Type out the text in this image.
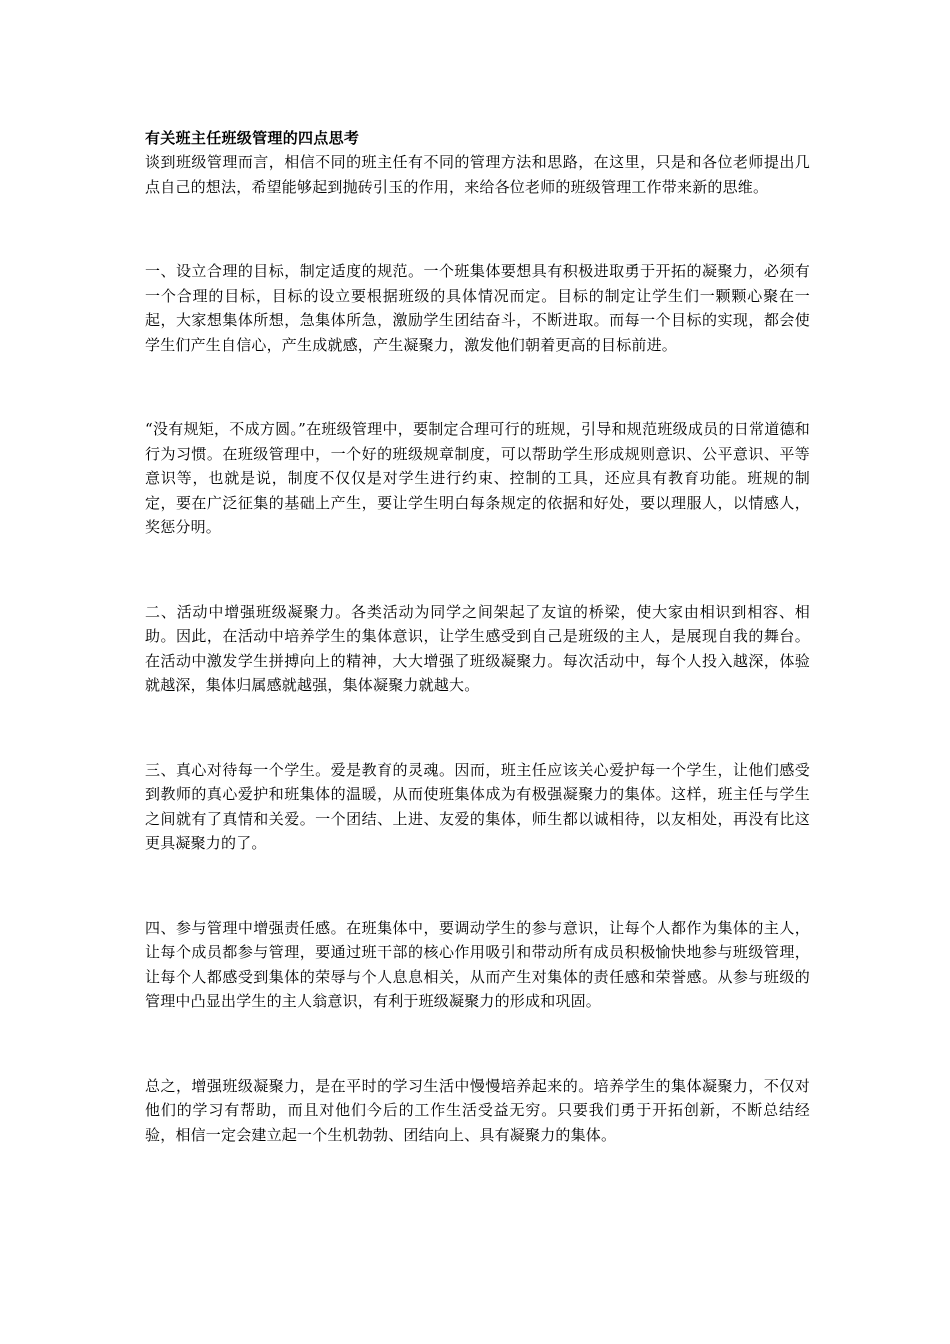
有关班主任班级管理的四点思考

谈到班级管理而言，相信不同的班主任有不同的管理方法和思路，在这里，只是和各位老师提出几点自己的想法，希望能够起到抛砖引玉的作用，来给各位老师的班级管理工作带来新的思维。

一、设立合理的目标，制定适度的规范。一个班集体要想具有积极进取勇于开拓的凝聚力，必须有一个合理的目标，目标的设立要根据班级的具体情况而定。目标的制定让学生们一颗颗心聚在一起，大家想集体所想，急集体所急，激励学生团结奋斗，不断进取。而每一个目标的实现，都会使学生们产生自信心，产生成就感，产生凝聚力，激发他们朝着更高的目标前进。

“没有规矩，不成方圆。”在班级管理中，要制定合理可行的班规，引导和规范班级成员的日常道德和行为习惯。在班级管理中，一个好的班级规章制度，可以帮助学生形成规则意识、公平意识、平等意识等，也就是说，制度不仅仅是对学生进行约束、控制的工具，还应具有教育功能。班规的制定，要在广泛征集的基础上产生，要让学生明白每条规定的依据和好处，要以理服人，以情感人，奖惩分明。

二、活动中增强班级凝聚力。各类活动为同学之间架起了友谊的桥梁，使大家由相识到相容、相助。因此，在活动中培养学生的集体意识，让学生感受到自己是班级的主人，是展现自我的舞台。在活动中激发学生拼搏向上的精神，大大增强了班级凝聚力。每次活动中，每个人投入越深，体验就越深，集体归属感就越强，集体凝聚力就越大。

三、真心对待每一个学生。爱是教育的灵魂。因而，班主任应该关心爱护每一个学生，让他们感受到教师的真心爱护和班集体的温暖，从而使班集体成为有极强凝聚力的集体。这样，班主任与学生之间就有了真情和关爱。一个团结、上进、友爱的集体，师生都以诚相待，以友相处，再没有比这更具凝聚力的了。

四、参与管理中增强责任感。在班集体中，要调动学生的参与意识，让每个人都作为集体的主人，让每个成员都参与管理，要通过班干部的核心作用吸引和带动所有成员积极愉快地参与班级管理，让每个人都感受到集体的荣辱与个人息息相关，从而产生对集体的责任感和荣誉感。从参与班级的管理中凸显出学生的主人翁意识，有利于班级凝聚力的形成和巩固。

总之，增强班级凝聚力，是在平时的学习生活中慢慢培养起来的。培养学生的集体凝聚力，不仅对他们的学习有帮助，而且对他们今后的工作生活受益无穷。只要我们勇于开拓创新，不断总结经验，相信一定会建立起一个生机勃勃、团结向上、具有凝聚力的集体。
